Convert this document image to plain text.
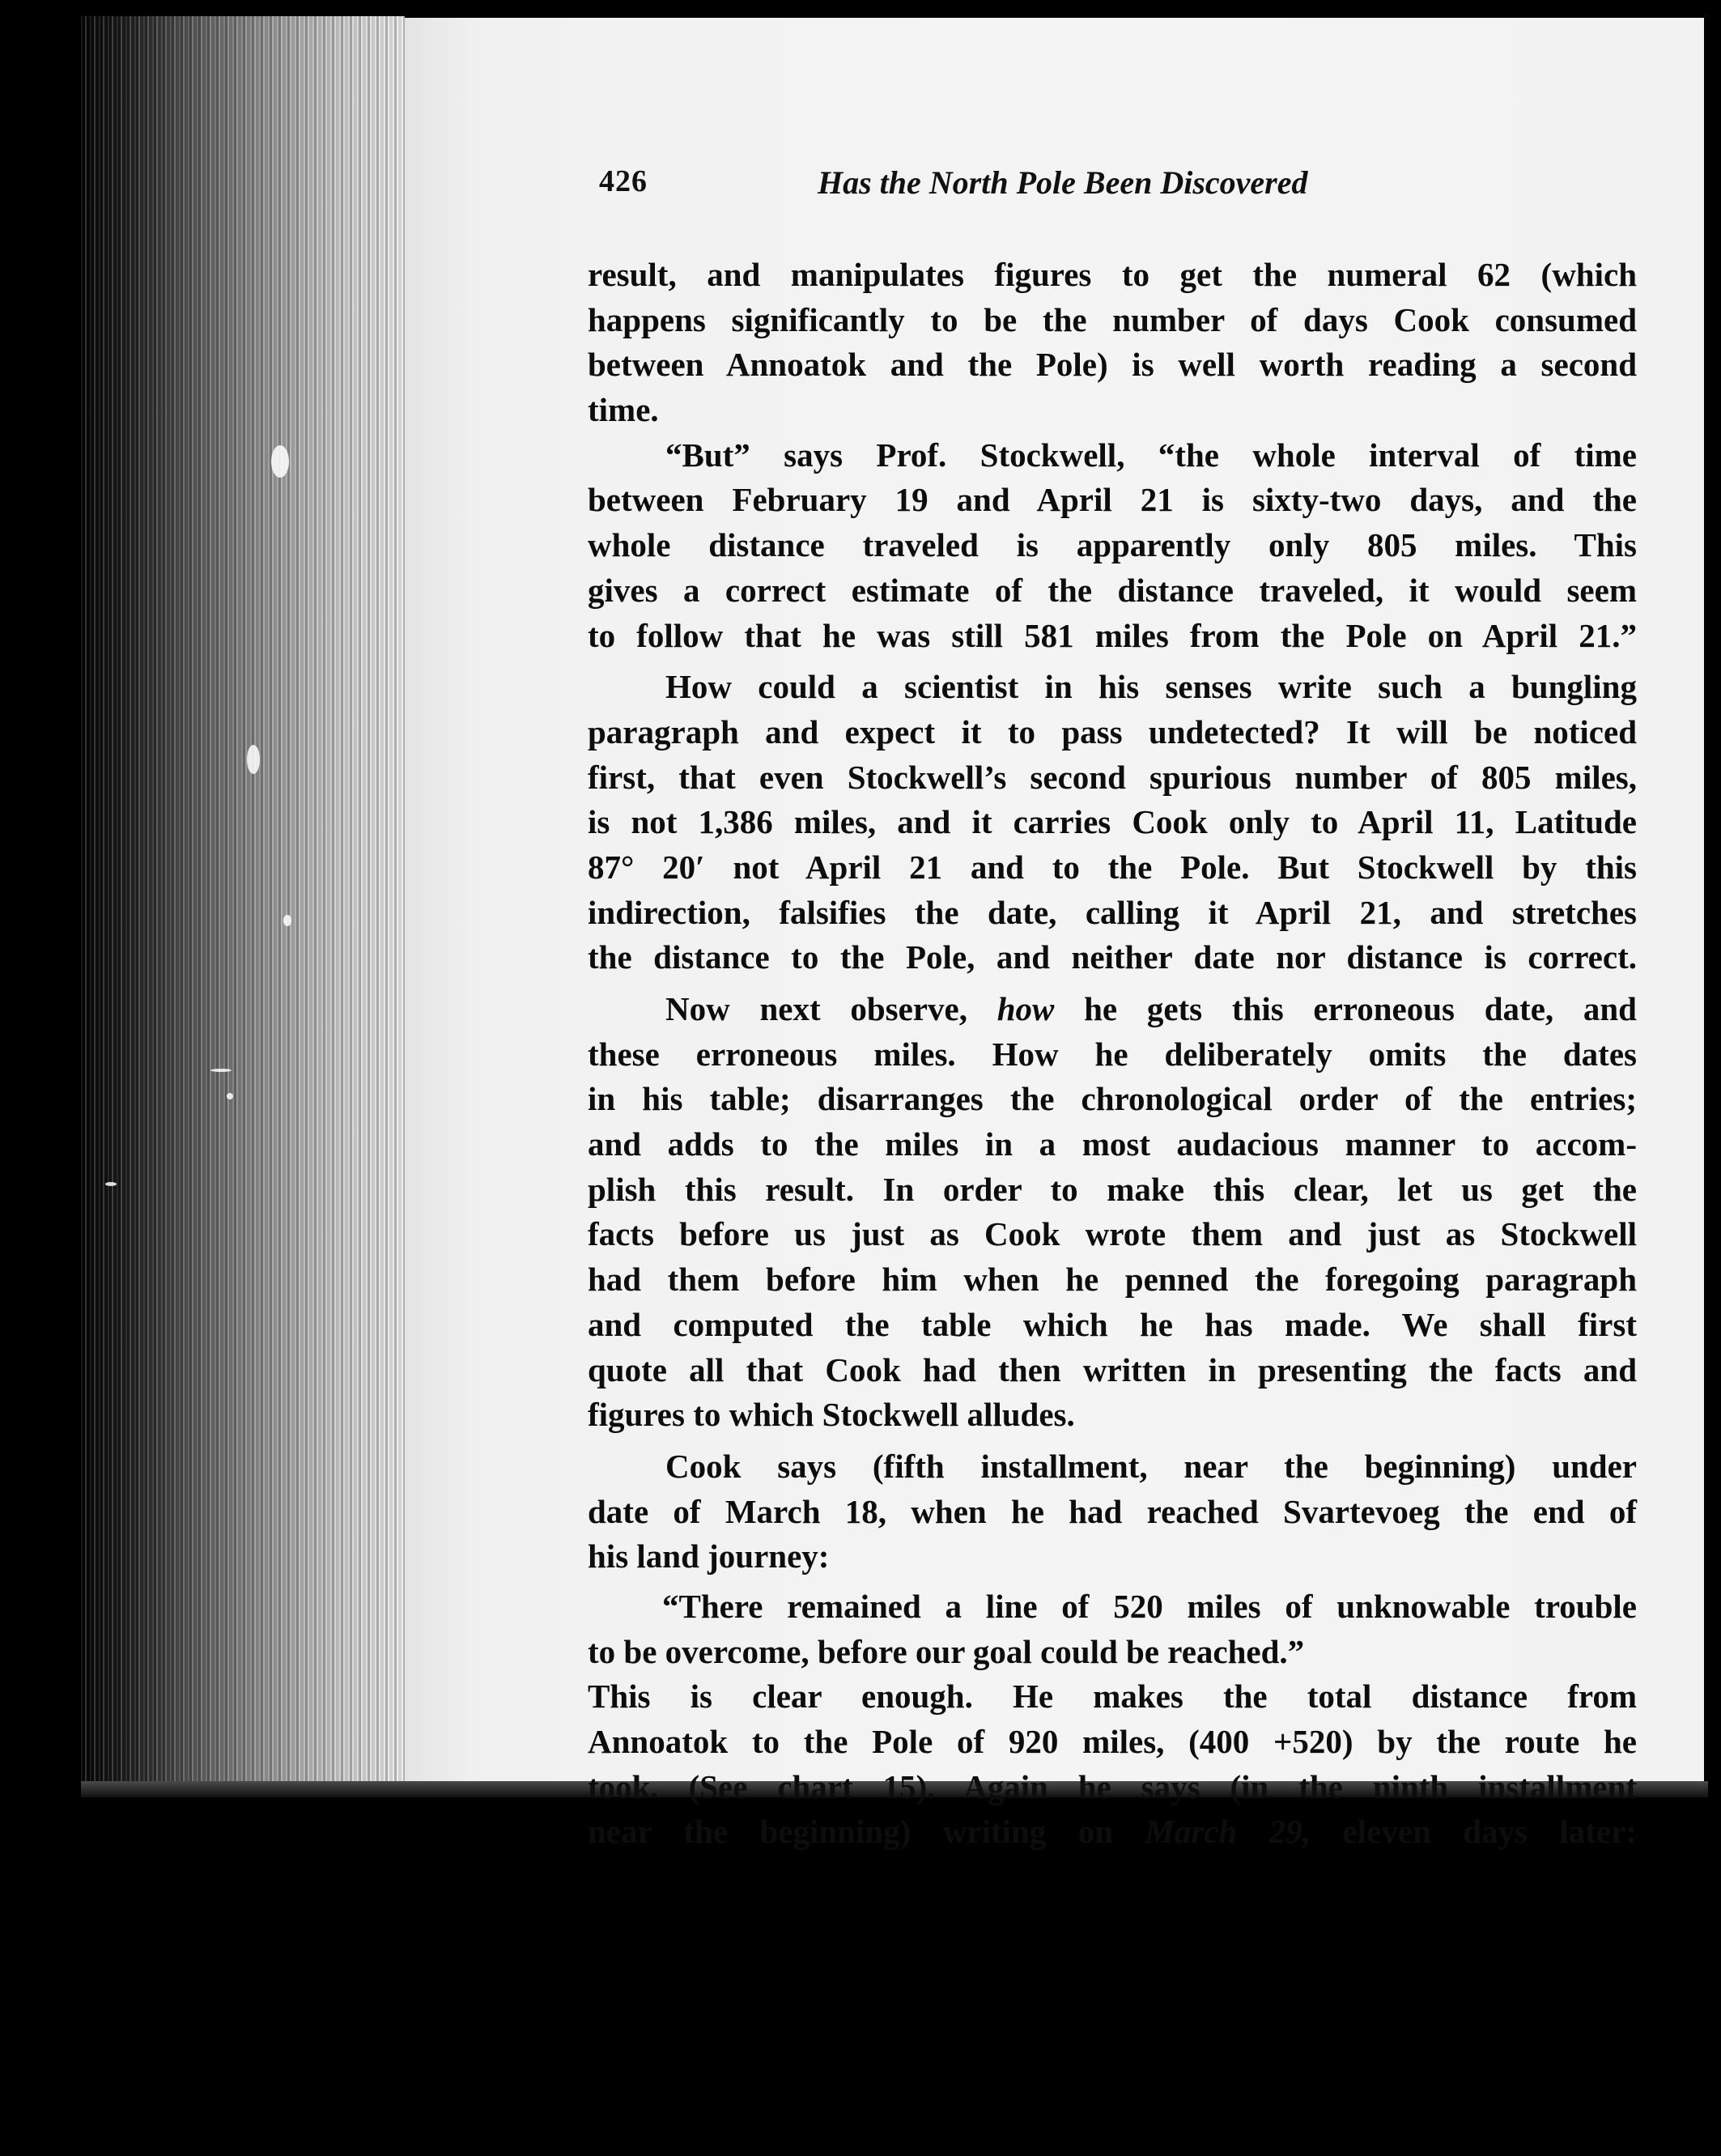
426	Has the North Pole Been Discovered
result, and manipulates figures to get the numeral 62 (which
happens significantly to be the number of days Cook consumed
between Annoatok and the Pole) is well worth reading a second
time.
“But” says Prof. Stockwell, “the whole interval of time
between February 19 and April 21 is sixty-two days, and the
whole distance traveled is apparently only 805 miles. This
gives a correct estimate of the distance traveled, it would seem
to follow that he was still 581 miles from the Pole on April 21.”
How could a scientist in his senses write such a bungling
paragraph and expect it to pass undetected? It will be noticed
first, that even Stockwell’s second spurious number of 805 miles,
is not 1,386 miles, and it carries Cook only to April 11, Latitude
87° 20′ not April 21 and to the Pole. But Stockwell by this
indirection, falsifies the date, calling it April 21, and stretches
the distance to the Pole, and neither date nor distance is correct.
Now next observe, how he gets this erroneous date, and
these erroneous miles. How he deliberately omits the dates
in his table; disarranges the chronological order of the entries;
and adds to the miles in a most audacious manner to accom-
plish this result. In order to make this clear, let us get the
facts before us just as Cook wrote them and just as Stockwell
had them before him when he penned the foregoing paragraph
and computed the table which he has made. We shall first
quote all that Cook had then written in presenting the facts and
figures to which Stockwell alludes.
Cook says (fifth installment, near the beginning) under
date of March 18, when he had reached Svartevoeg the end of
his land journey:
“There remained a line of 520 miles of unknowable trouble
to be overcome, before our goal could be reached.”
This is clear enough. He makes the total distance from
Annoatok to the Pole of 920 miles, (400 +520) by the route he
took. (See chart 15). Again he says (in the ninth installment
near the beginning) writing on March 29, eleven days later:
